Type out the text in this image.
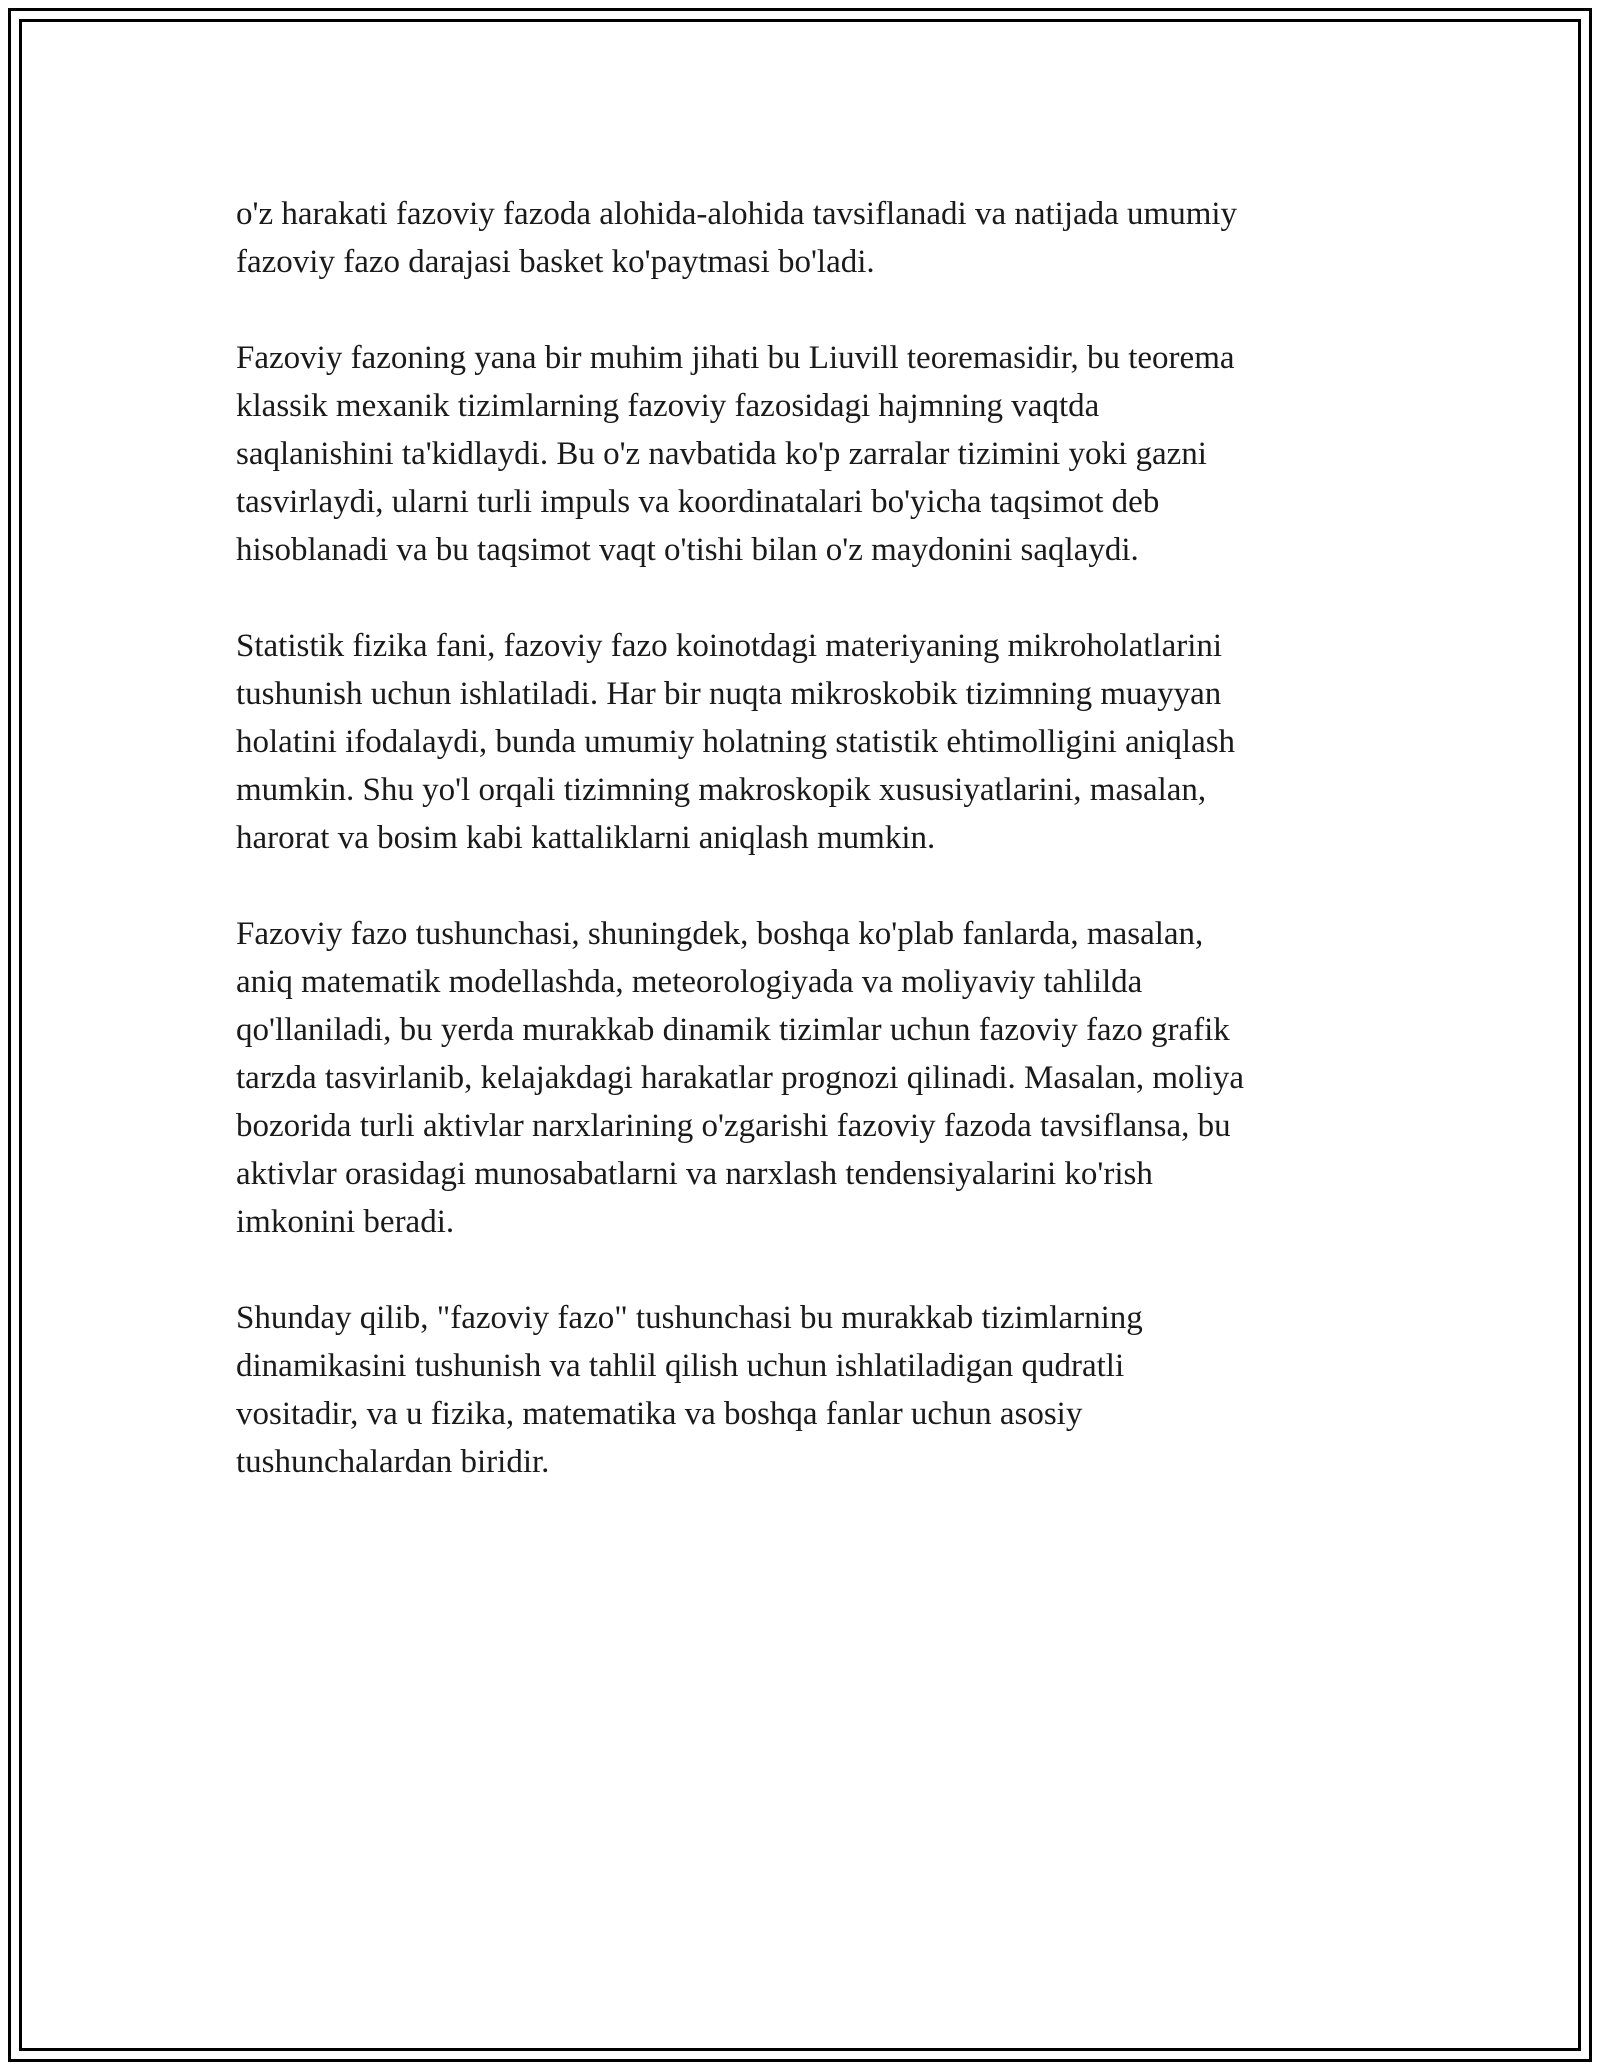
o'z harakati fazoviy fazoda alohida-alohida tavsiflanadi va natijada umumiy
fazoviy fazo darajasi basket ko'paytmasi bo'ladi.

Fazoviy fazoning yana bir muhim jihati bu Liuvill teoremasidir, bu teorema
klassik mexanik tizimlarning fazoviy fazosidagi hajmning vaqtda
saqlanishini ta'kidlaydi. Bu o'z navbatida ko'p zarralar tizimini yoki gazni
tasvirlaydi, ularni turli impuls va koordinatalari bo'yicha taqsimot deb
hisoblanadi va bu taqsimot vaqt o'tishi bilan o'z maydonini saqlaydi.

Statistik fizika fani, fazoviy fazo koinotdagi materiyaning mikroholatlarini
tushunish uchun ishlatiladi. Har bir nuqta mikroskobik tizimning muayyan
holatini ifodalaydi, bunda umumiy holatning statistik ehtimolligini aniqlash
mumkin. Shu yo'l orqali tizimning makroskopik xususiyatlarini, masalan,
harorat va bosim kabi kattaliklarni aniqlash mumkin.

Fazoviy fazo tushunchasi, shuningdek, boshqa ko'plab fanlarda, masalan,
aniq matematik modellashda, meteorologiyada va moliyaviy tahlilda
qo'llaniladi, bu yerda murakkab dinamik tizimlar uchun fazoviy fazo grafik
tarzda tasvirlanib, kelajakdagi harakatlar prognozi qilinadi. Masalan, moliya
bozorida turli aktivlar narxlarining o'zgarishi fazoviy fazoda tavsiflansa, bu
aktivlar orasidagi munosabatlarni va narxlash tendensiyalarini ko'rish
imkonini beradi.

Shunday qilib, "fazoviy fazo" tushunchasi bu murakkab tizimlarning
dinamikasini tushunish va tahlil qilish uchun ishlatiladigan qudratli
vositadir, va u fizika, matematika va boshqa fanlar uchun asosiy
tushunchalardan biridir.
